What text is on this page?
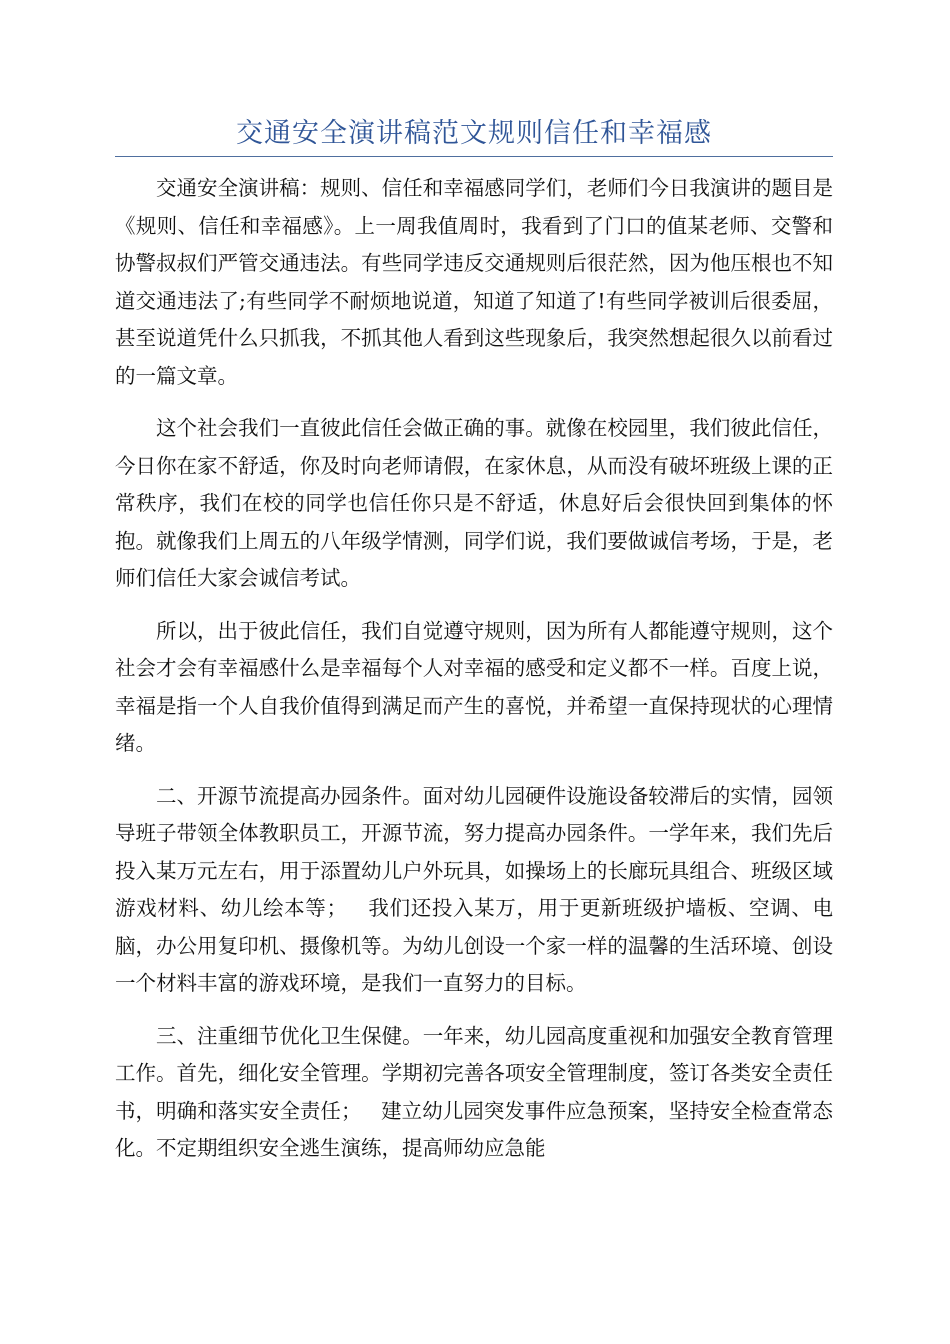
交通安全演讲稿范文规则信任和幸福感

交通安全演讲稿：规则、信任和幸福感同学们，老师们今日我演讲的题目是《规则、信任和幸福感》。上一周我值周时，我看到了门口的值某老师、交警和协警叔叔们严管交通违法。有些同学违反交通规则后很茫然，因为他压根也不知道交通违法了;有些同学不耐烦地说道，知道了知道了!有些同学被训后很委屈，甚至说道凭什么只抓我，不抓其他人看到这些现象后，我突然想起很久以前看过的一篇文章。

这个社会我们一直彼此信任会做正确的事。就像在校园里，我们彼此信任，今日你在家不舒适，你及时向老师请假，在家休息，从而没有破坏班级上课的正常秩序，我们在校的同学也信任你只是不舒适，休息好后会很快回到集体的怀抱。就像我们上周五的八年级学情测，同学们说，我们要做诚信考场，于是，老师们信任大家会诚信考试。

所以，出于彼此信任，我们自觉遵守规则，因为所有人都能遵守规则，这个社会才会有幸福感什么是幸福每个人对幸福的感受和定义都不一样。百度上说，幸福是指一个人自我价值得到满足而产生的喜悦，并希望一直保持现状的心理情绪。

二、开源节流提高办园条件。面对幼儿园硬件设施设备较滞后的实情，园领导班子带领全体教职员工，开源节流，努力提高办园条件。一学年来，我们先后投入某万元左右，用于添置幼儿户外玩具，如操场上的长廊玩具组合、班级区域游戏材料、幼儿绘本等；   我们还投入某万，用于更新班级护墙板、空调、电脑，办公用复印机、摄像机等。为幼儿创设一个家一样的温馨的生活环境、创设一个材料丰富的游戏环境，是我们一直努力的目标。

三、注重细节优化卫生保健。一年来，幼儿园高度重视和加强安全教育管理工作。首先，细化安全管理。学期初完善各项安全管理制度，签订各类安全责任书，明确和落实安全责任；   建立幼儿园突发事件应急预案，坚持安全检查常态化。不定期组织安全逃生演练，提高师幼应急能
